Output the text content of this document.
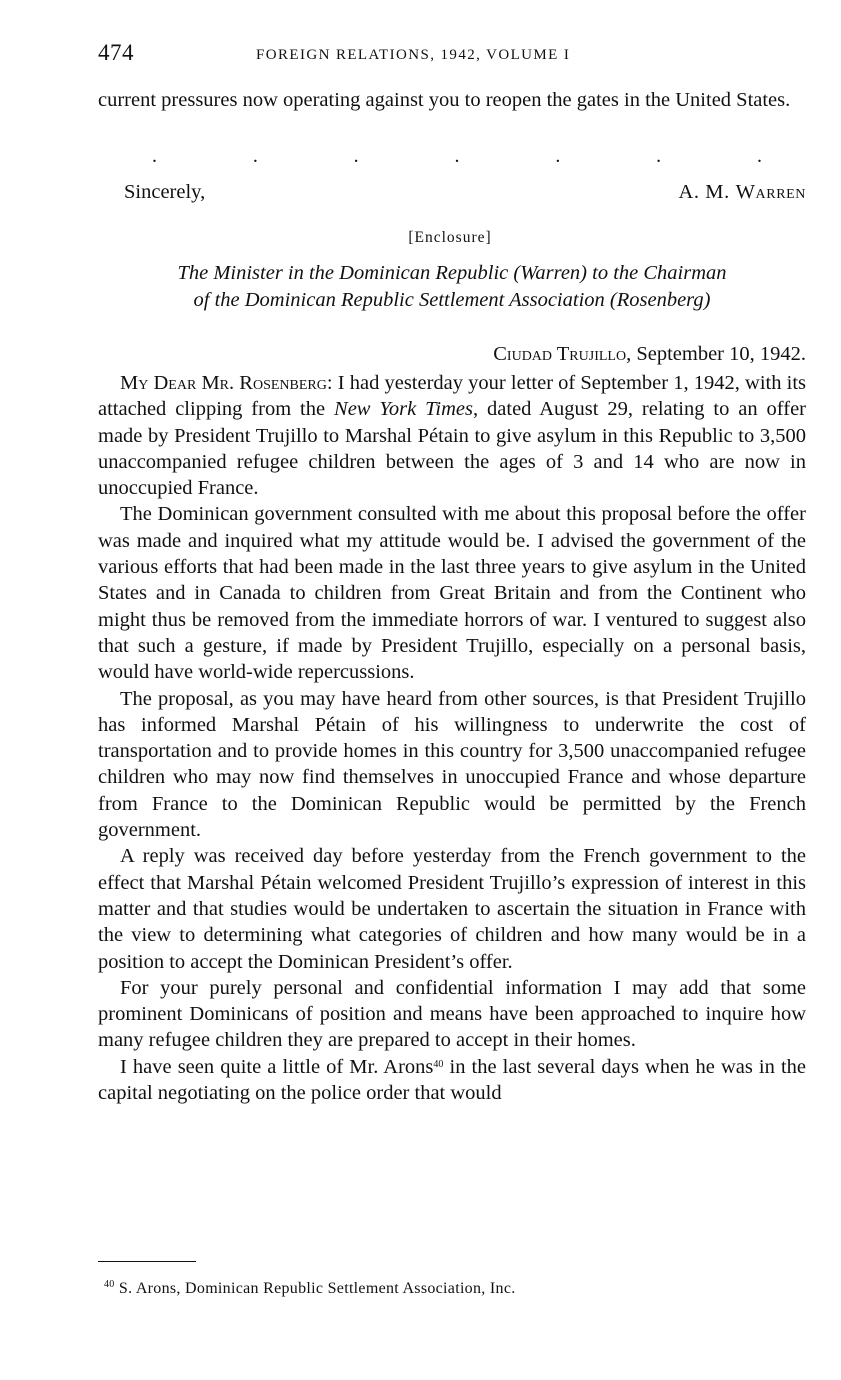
474	FOREIGN RELATIONS, 1942, VOLUME I

current pressures now operating against you to reopen the gates in the United States.

.	.	.	.	.	.	.
Sincerely,	A. M. Warren
[Enclosure]
The Minister in the Dominican Republic (Warren) to the Chairman
of the Dominican Republic Settlement Association (Rosenberg)
Ciudad Trujillo, September 10, 1942.

My Dear Mr. Rosenberg: I had yesterday your letter of September 1, 1942, with its attached clipping from the New York Times, dated August 29, relating to an offer made by President Trujillo to Marshal Pétain to give asylum in this Republic to 3,500 unaccompanied refugee children between the ages of 3 and 14 who are now in unoccupied France.

The Dominican government consulted with me about this proposal before the offer was made and inquired what my attitude would be. I advised the government of the various efforts that had been made in the last three years to give asylum in the United States and in Canada to children from Great Britain and from the Continent who might thus be removed from the immediate horrors of war. I ventured to suggest also that such a gesture, if made by President Trujillo, especially on a personal basis, would have world-wide repercussions.

The proposal, as you may have heard from other sources, is that President Trujillo has informed Marshal Pétain of his willingness to underwrite the cost of transportation and to provide homes in this country for 3,500 unaccompanied refugee children who may now find themselves in unoccupied France and whose departure from France to the Dominican Republic would be permitted by the French government.

A reply was received day before yesterday from the French government to the effect that Marshal Pétain welcomed President Trujillo’s expression of interest in this matter and that studies would be undertaken to ascertain the situation in France with the view to determining what categories of children and how many would be in a position to accept the Dominican President’s offer.

For your purely personal and confidential information I may add that some prominent Dominicans of position and means have been approached to inquire how many refugee children they are prepared to accept in their homes.

I have seen quite a little of Mr. Arons$^{40}$ in the last several days when he was in the capital negotiating on the police order that would

$^{40}$ S. Arons, Dominican Republic Settlement Association, Inc.
